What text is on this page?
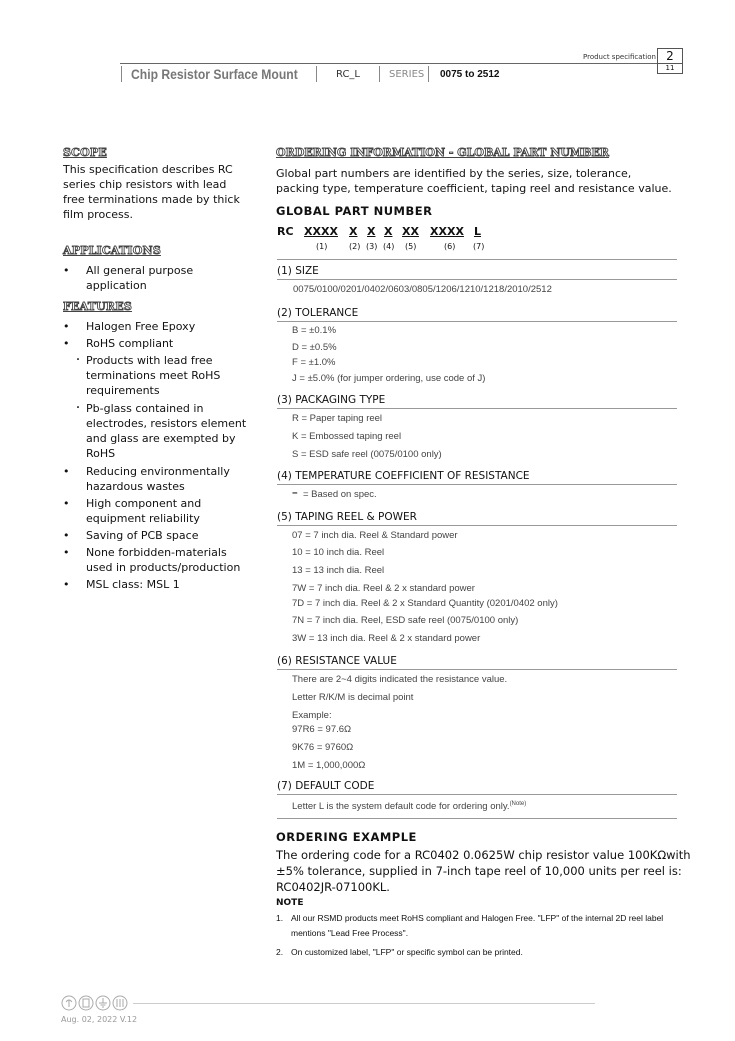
Product specification 2
11
Chip Resistor Surface Mount	RC_L	SERIES 0075 to 2512
SCOPE
This specification describes RC
series chip resistors with lead
free terminations made by thick
film process.
APPLICATIONS
• All general purpose application
FEATURES
• Halogen Free Epoxy
• RoHS compliant
・ Products with lead free terminations meet RoHS requirements
・ Pb-glass contained in electrodes, resistors element and glass are exempted by RoHS
• Reducing environmentally hazardous wastes
• High component and equipment reliability
• Saving of PCB space
• None forbidden-materials used in products/production
• MSL class: MSL 1
ORDERING INFORMATION - GLOBAL PART NUMBER
Global part numbers are identified by the series, size, tolerance, packing type, temperature coefficient, taping reel and resistance value.
GLOBAL PART NUMBER
RC XXXX X X X XX XXXX L
(1)	(2) (3) (4) (5)	(6) (7)
(1) SIZE
0075/0100/0201/0402/0603/0805/1206/1210/1218/2010/2512
(2) TOLERANCE
B = ±0.1%
D = ±0.5%
F = ±1.0%
J = ±5.0% (for jumper ordering, use code of J)
(3) PACKAGING TYPE
R = Paper taping reel
K = Embossed taping reel
S = ESD safe reel (0075/0100 only)
(4) TEMPERATURE COEFFICIENT OF RESISTANCE
− = Based on spec.
(5) TAPING REEL & POWER
07 = 7 inch dia. Reel & Standard power
10 = 10 inch dia. Reel
13 = 13 inch dia. Reel
7W = 7 inch dia. Reel & 2 x standard power
7D = 7 inch dia. Reel & 2 x Standard Quantity (0201/0402 only)
7N = 7 inch dia. Reel, ESD safe reel (0075/0100 only)
3W = 13 inch dia. Reel & 2 x standard power
(6) RESISTANCE VALUE
There are 2~4 digits indicated the resistance value.
Letter R/K/M is decimal point
Example:
97R6 = 97.6Ω
9K76 = 9760Ω
1M = 1,000,000Ω
(7) DEFAULT CODE
Letter L is the system default code for ordering only.$^{(Note)}$
ORDERING EXAMPLE
The ordering code for a RC0402 0.0625W chip resistor value 100KΩwith
±5% tolerance, supplied in 7-inch tape reel of 10,000 units per reel is:
RC0402JR-07100KL.
NOTE
1. All our RSMD products meet RoHS compliant and Halogen Free. "LFP" of the internal 2D reel label mentions "Lead Free Process".
2. On customized label, "LFP" or specific symbol can be printed.
Aug. 02, 2022 V.12
